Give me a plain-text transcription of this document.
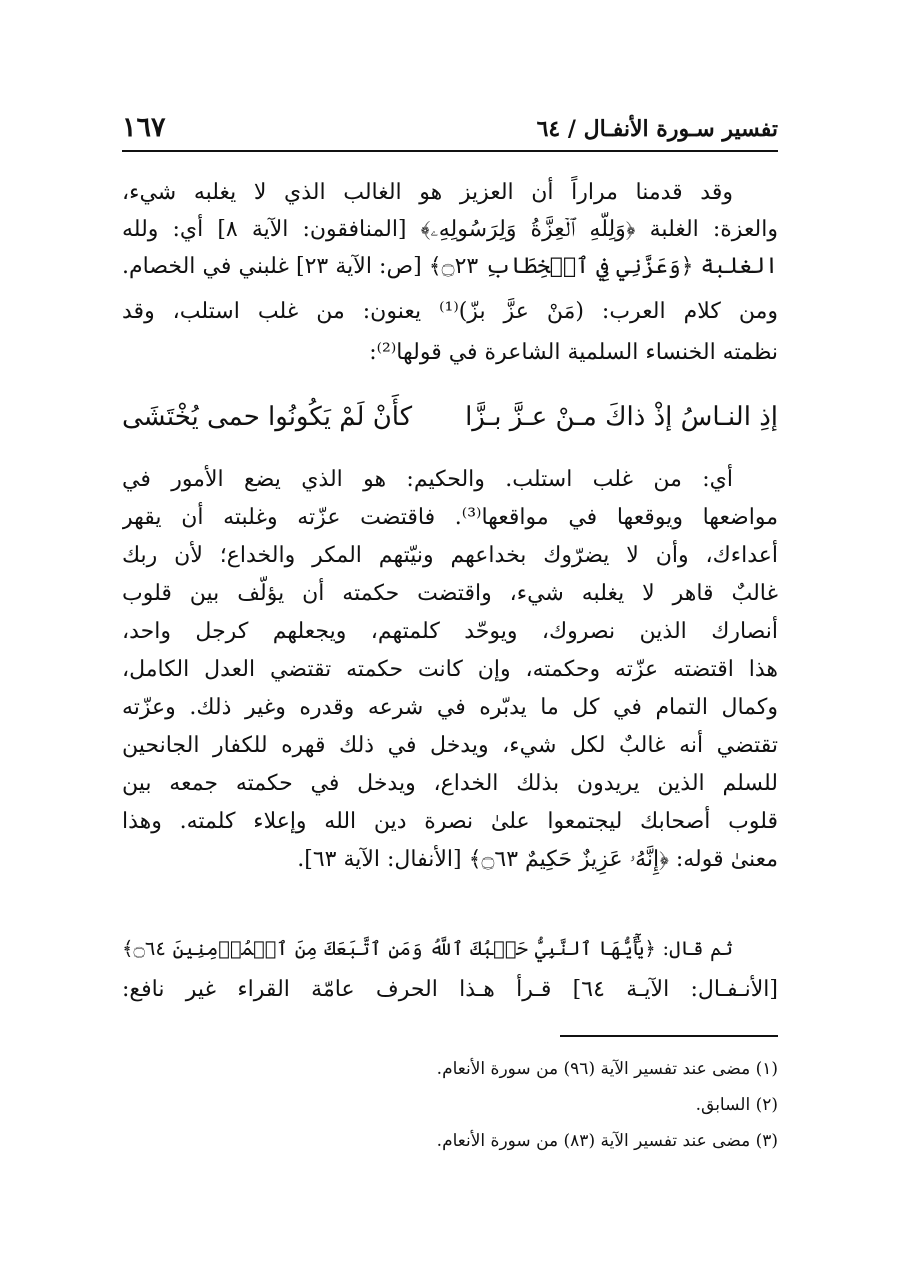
تفسير سـورة الأنفـال / ٦٤
١٦٧
وقد قدمنا مراراً أن العزيز هو الغالب الذي لا يغلبه شيء،
والعزة: الغلبة ﴿وَلِلَّهِ ٱلۡعِزَّةُ وَلِرَسُولِهِۦ﴾ [المنافقون: الآية ٨] أي: ولله
الغلبة ﴿وَعَزَّنِي فِي ٱلۡخِطَابِ ۝٢٣﴾ [ص: الآية ٢٣] غلبني في الخصام.
ومن كلام العرب: (مَنْ عزَّ بزّ)⁽¹⁾ يعنون: من غلب استلب، وقد
نظمته الخنساء السلمية الشاعرة في قولها⁽²⁾:
أي: من غلب استلب. والحكيم: هو الذي يضع الأمور في
مواضعها ويوقعها في مواقعها⁽³⁾. فاقتضت عزّته وغلبته أن يقهر
أعداءك، وأن لا يضرّوك بخداعهم ونيّتهم المكر والخداع؛ لأن ربك
غالبٌ قاهر لا يغلبه شيء، واقتضت حكمته أن يؤلّف بين قلوب
أنصارك الذين نصروك، ويوحّد كلمتهم، ويجعلهم كرجل واحد،
هذا اقتضته عزّته وحكمته، وإن كانت حكمته تقتضي العدل الكامل،
وكمال التمام في كل ما يدبّره في شرعه وقدره وغير ذلك. وعزّته
تقتضي أنه غالبٌ لكل شيء، ويدخل في ذلك قهره للكفار الجانحين
للسلم الذين يريدون بذلك الخداع، ويدخل في حكمته جمعه بين
قلوب أصحابك ليجتمعوا علىٰ نصرة دين الله وإعلاء كلمته. وهذا
معنىٰ قوله: ﴿إِنَّهُۥ عَزِيزٌ حَكِيمٌ ۝٦٣﴾ [الأنفال: الآية ٦٣].
ثم قال: ﴿يَٰٓأَيُّهَا ٱلنَّبِيُّ حَسۡبُكَ ٱللَّهُ وَمَنِ ٱتَّبَعَكَ مِنَ ٱلۡمُؤۡمِنِينَ ۝٦٤﴾
[الأنـفـال: الآيـة ٦٤] قـرأ هـذا الحرف عامّة القراء غير نافع:
كأَنْ لَمْ يَكُونُوا حمى يُخْتَشَى إذِ النـاسُ إذْ ذاكَ مـنْ عـزَّ بـزَّا
(١) مضى عند تفسير الآية (٩٦) من سورة الأنعام.
(٢) السابق.
(٣) مضى عند تفسير الآية (٨٣) من سورة الأنعام.
